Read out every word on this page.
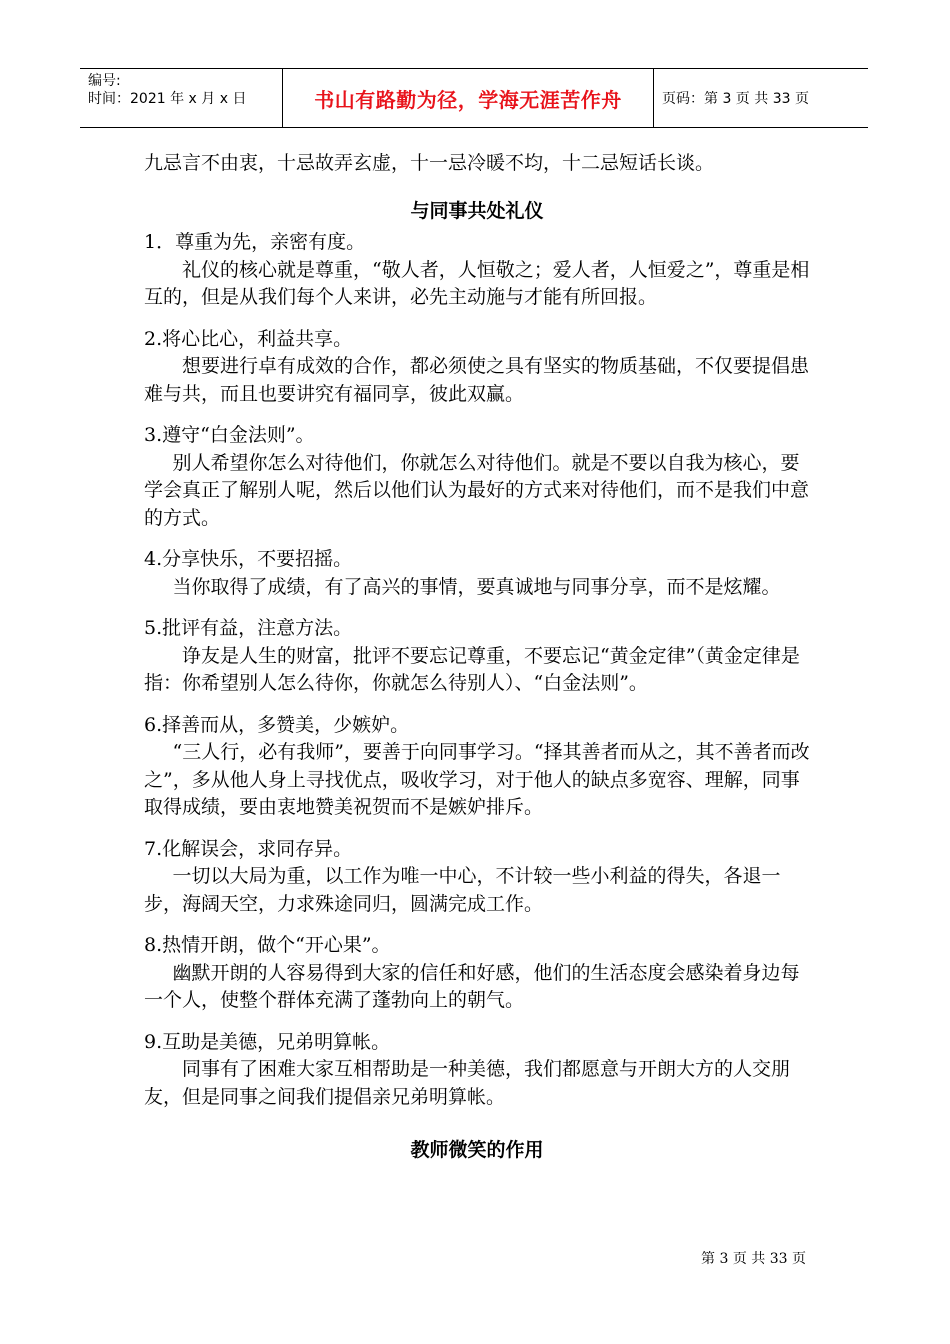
编号:
时间：2021 年 x 月 x 日	书山有路勤为径，学海无涯苦作舟	页码：第 3 页 共 33 页

九忌言不由衷，十忌故弄玄虚，十一忌冷暖不均，十二忌短话长谈。

与同事共处礼仪

1．尊重为先，亲密有度。

礼仪的核心就是尊重，“敬人者，人恒敬之；爱人者，人恒爱之”，尊重是相互的，但是从我们每个人来讲，必先主动施与才能有所回报。

2.将心比心，利益共享。

想要进行卓有成效的合作，都必须使之具有坚实的物质基础，不仅要提倡患难与共，而且也要讲究有福同享，彼此双赢。

3.遵守“白金法则”。

别人希望你怎么对待他们，你就怎么对待他们。就是不要以自我为核心，要学会真正了解别人呢，然后以他们认为最好的方式来对待他们，而不是我们中意的方式。

4.分享快乐，不要招摇。

当你取得了成绩，有了高兴的事情，要真诚地与同事分享，而不是炫耀。

5.批评有益，注意方法。

诤友是人生的财富，批评不要忘记尊重，不要忘记“黄金定律”（黄金定律是指：你希望别人怎么待你，你就怎么待别人）、“白金法则”。

6.择善而从，多赞美，少嫉妒。

“三人行，必有我师”，要善于向同事学习。“择其善者而从之，其不善者而改之”，多从他人身上寻找优点，吸收学习，对于他人的缺点多宽容、理解，同事取得成绩，要由衷地赞美祝贺而不是嫉妒排斥。

7.化解误会，求同存异。

一切以大局为重，以工作为唯一中心，不计较一些小利益的得失，各退一步，海阔天空，力求殊途同归，圆满完成工作。

8.热情开朗，做个“开心果”。

幽默开朗的人容易得到大家的信任和好感，他们的生活态度会感染着身边每一个人，使整个群体充满了蓬勃向上的朝气。

9.互助是美德，兄弟明算帐。

同事有了困难大家互相帮助是一种美德，我们都愿意与开朗大方的人交朋友，但是同事之间我们提倡亲兄弟明算帐。

教师微笑的作用

第 3 页 共 33 页
